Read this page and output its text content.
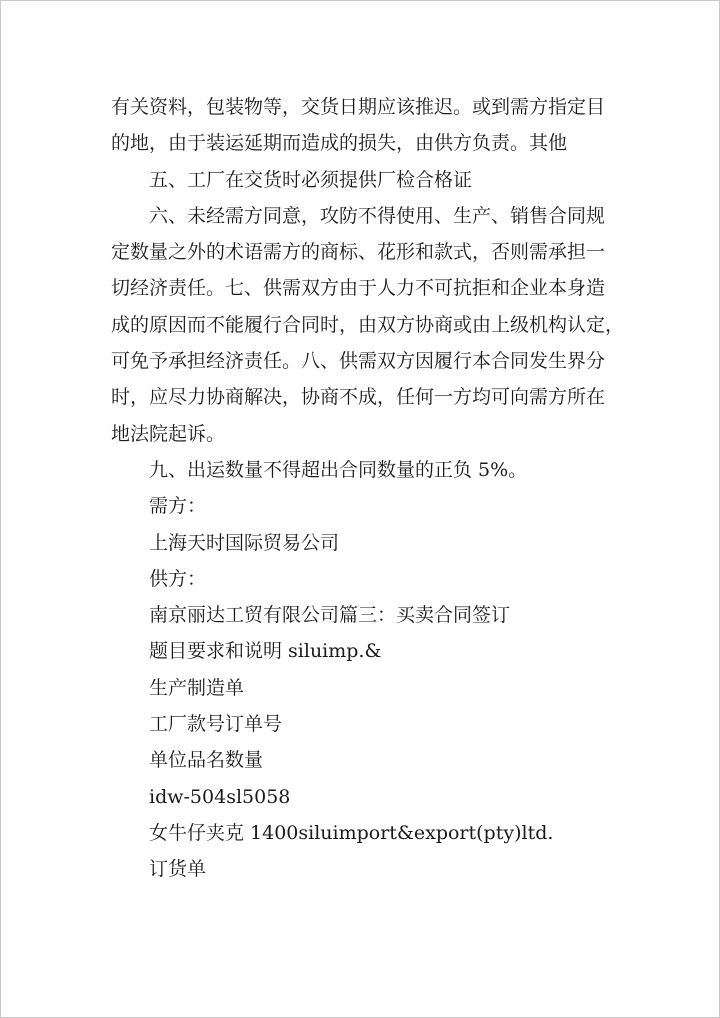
有关资料，包装物等，交货日期应该推迟。或到需方指定目
的地，由于装运延期而造成的损失，由供方负责。其他
五、工厂在交货时必须提供厂检合格证
六、未经需方同意，攻防不得使用、生产、销售合同规
定数量之外的术语需方的商标、花形和款式，否则需承担一
切经济责任。七、供需双方由于人力不可抗拒和企业本身造
成的原因而不能履行合同时，由双方协商或由上级机构认定，
可免予承担经济责任。八、供需双方因履行本合同发生界分
时，应尽力协商解决，协商不成，任何一方均可向需方所在
地法院起诉。
九、出运数量不得超出合同数量的正负 5%。
需方：
上海天时国际贸易公司
供方：
南京丽达工贸有限公司篇三：买卖合同签订
题目要求和说明 siluimp.&
生产制造单
工厂款号订单号
单位品名数量
idw-504sl5058
女牛仔夹克 1400siluimport&export(pty)ltd.
订货单
